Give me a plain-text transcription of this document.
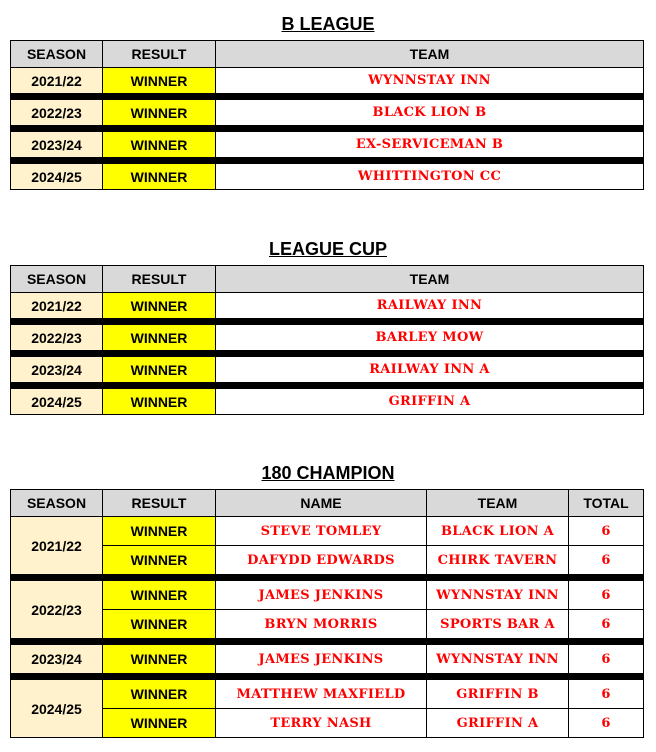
B LEAGUE
SEASON	RESULT	TEAM
2021/22	WINNER	WYNNSTAY INN

2022/23	WINNER	BLACK LION B

2023/24	WINNER	EX-SERVICEMAN B

2024/25	WINNER	WHITTINGTON CC
LEAGUE CUP
SEASON	RESULT	TEAM
2021/22	WINNER	RAILWAY INN

2022/23	WINNER	BARLEY MOW

2023/24	WINNER	RAILWAY INN A

2024/25	WINNER	GRIFFIN A
180 CHAMPION
SEASON	RESULT	NAME	TEAM	TOTAL
2021/22	WINNER	STEVE TOMLEY	BLACK LION A	6
	WINNER	DAFYDD EDWARDS	CHIRK TAVERN	6

2022/23	WINNER	JAMES JENKINS	WYNNSTAY INN	6
	WINNER	BRYN MORRIS	SPORTS BAR A	6

2023/24	WINNER	JAMES JENKINS	WYNNSTAY INN	6

2024/25	WINNER	MATTHEW MAXFIELD	GRIFFIN B	6
	WINNER	TERRY NASH	GRIFFIN A	6
